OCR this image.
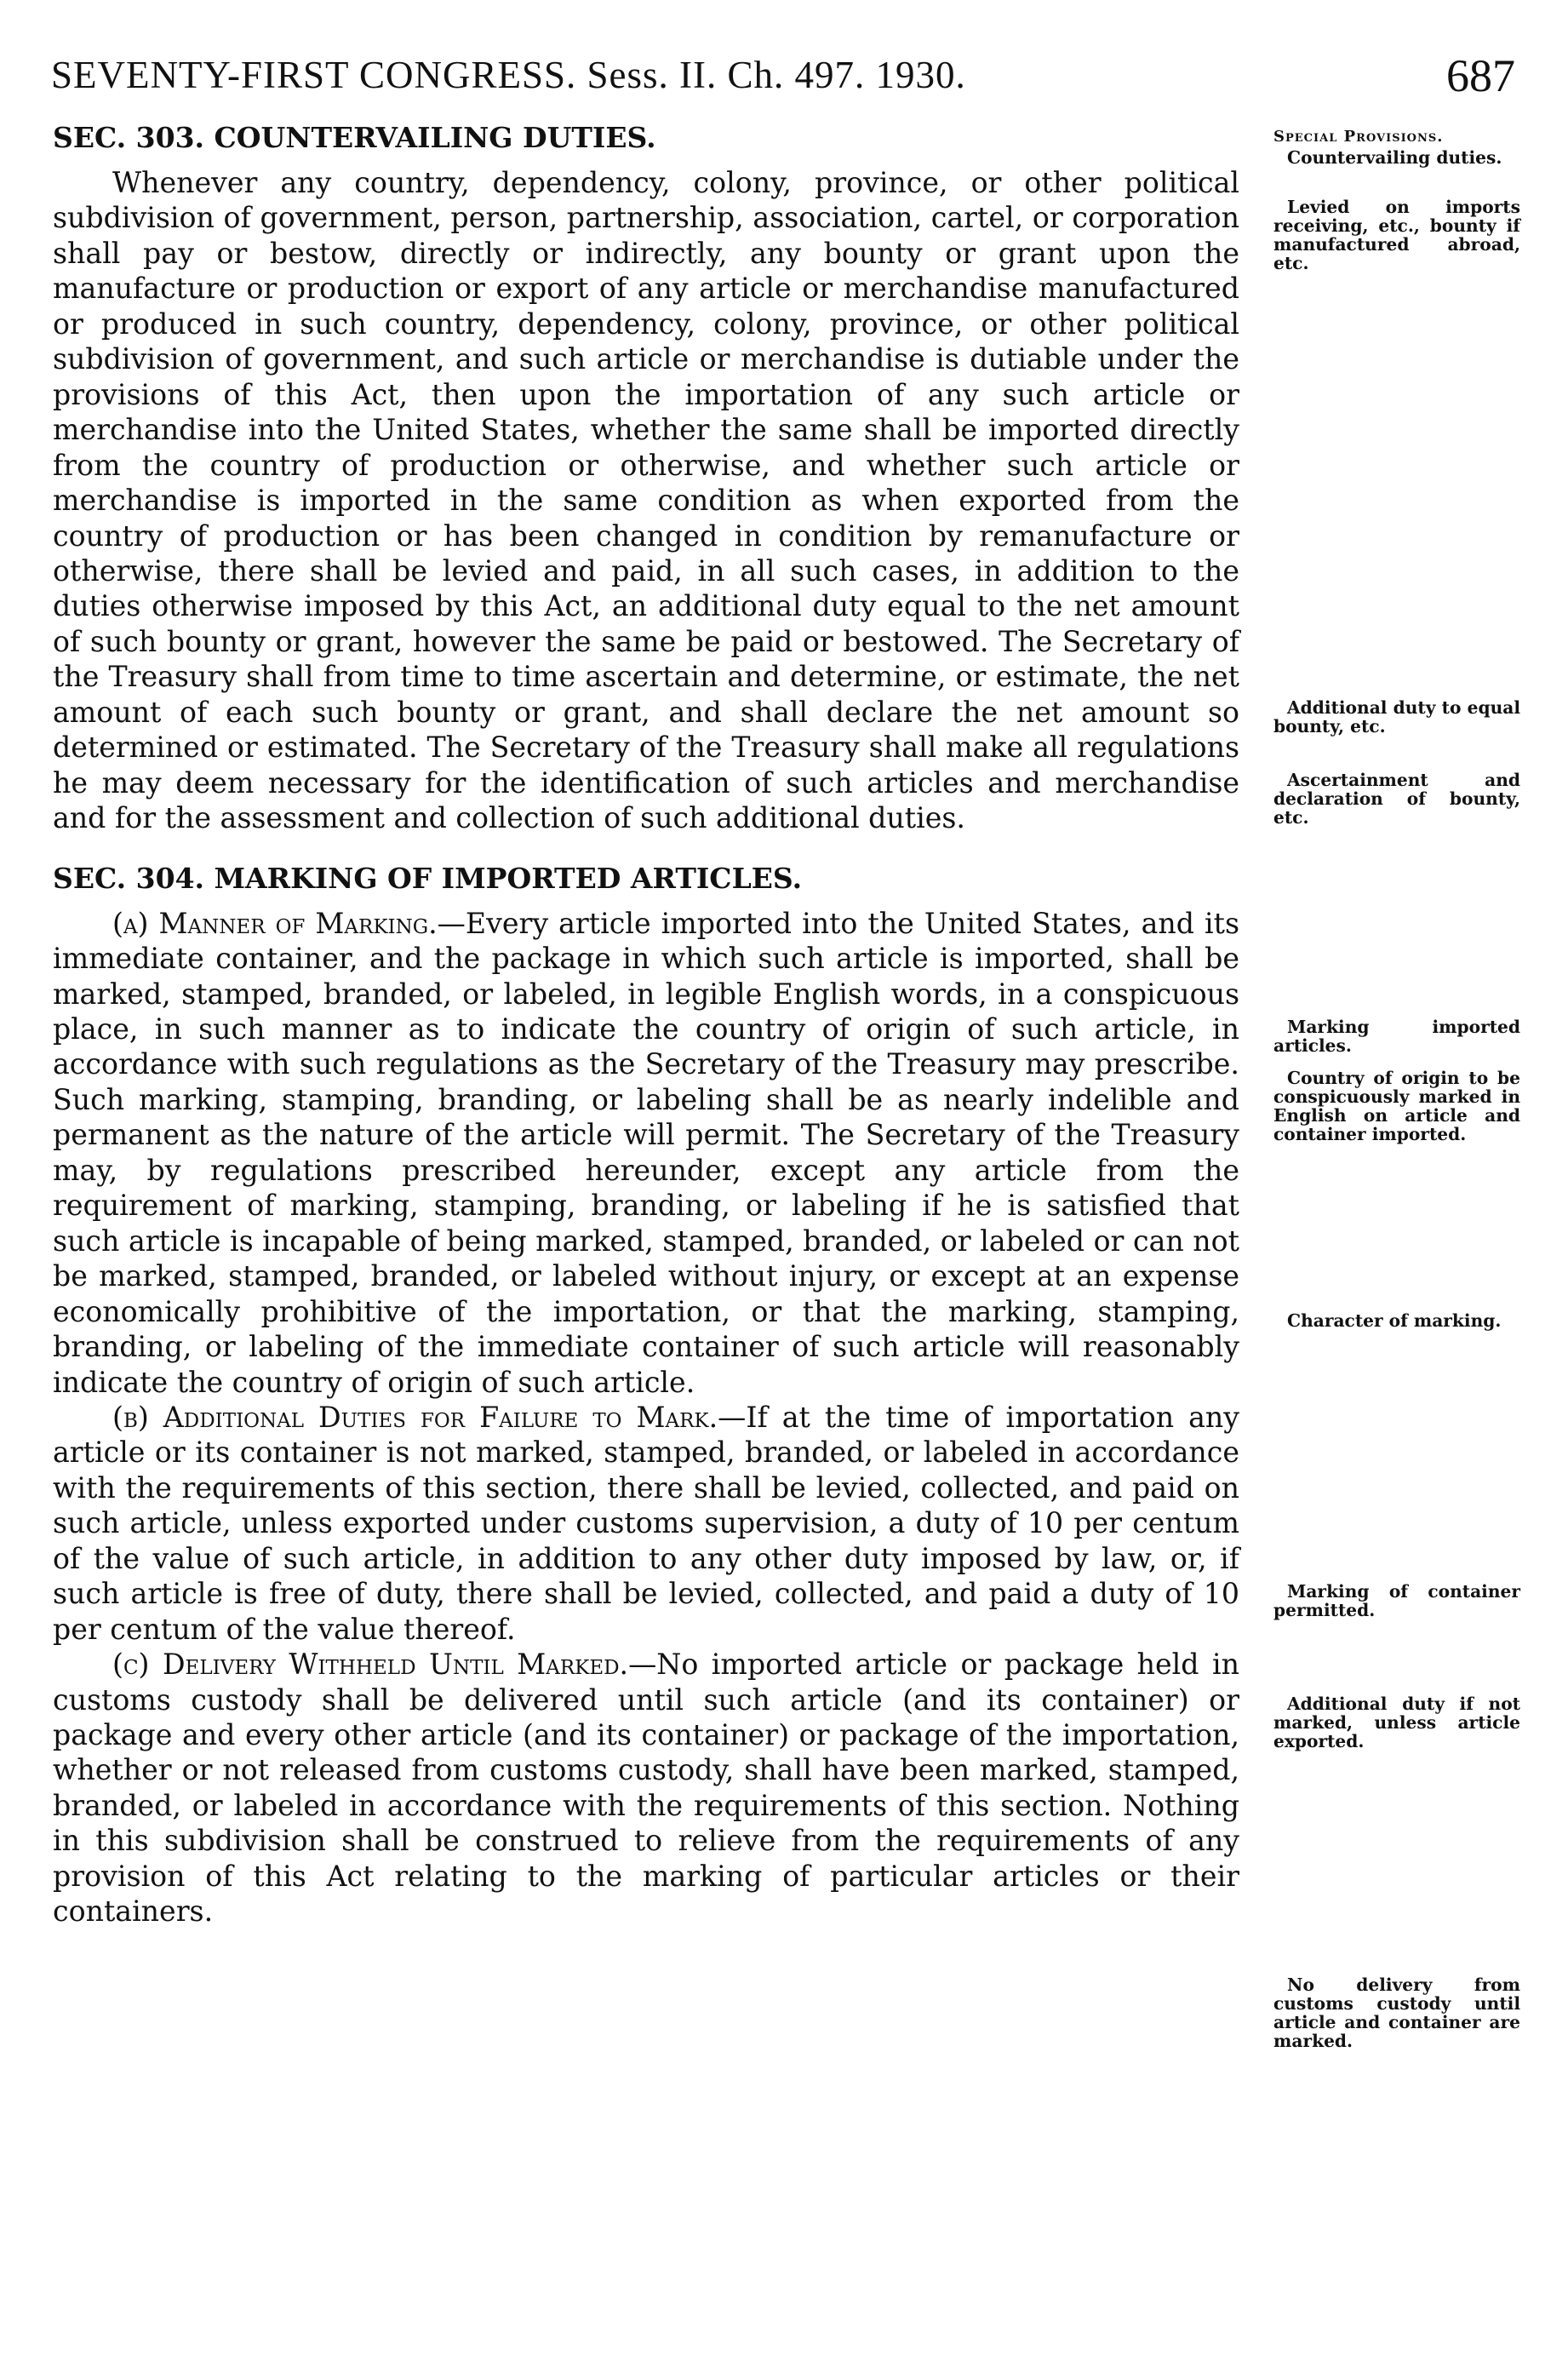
SEVENTY-FIRST CONGRESS. Sess. II. Ch. 497. 1930.	687
SEC. 303. COUNTERVAILING DUTIES.

Whenever any country, dependency, colony, province, or other political subdivision of government, person, partnership, association, cartel, or corporation shall pay or bestow, directly or indirectly, any bounty or grant upon the manufacture or production or export of any article or merchandise manufactured or produced in such country, dependency, colony, province, or other political subdivision of government, and such article or merchandise is dutiable under the provisions of this Act, then upon the importation of any such article or merchandise into the United States, whether the same shall be imported directly from the country of production or otherwise, and whether such article or merchandise is imported in the same condition as when exported from the country of production or has been changed in condition by remanufacture or otherwise, there shall be levied and paid, in all such cases, in addition to the duties otherwise imposed by this Act, an additional duty equal to the net amount of such bounty or grant, however the same be paid or bestowed. The Secretary of the Treasury shall from time to time ascertain and determine, or estimate, the net amount of each such bounty or grant, and shall declare the net amount so determined or estimated. The Secretary of the Treasury shall make all regulations he may deem necessary for the identification of such articles and merchandise and for the assessment and collection of such additional duties.

SEC. 304. MARKING OF IMPORTED ARTICLES.

(a) Manner of Marking.—Every article imported into the United States, and its immediate container, and the package in which such article is imported, shall be marked, stamped, branded, or labeled, in legible English words, in a conspicuous place, in such manner as to indicate the country of origin of such article, in accordance with such regulations as the Secretary of the Treasury may prescribe. Such marking, stamping, branding, or labeling shall be as nearly indelible and permanent as the nature of the article will permit. The Secretary of the Treasury may, by regulations prescribed hereunder, except any article from the requirement of marking, stamping, branding, or labeling if he is satisfied that such article is incapable of being marked, stamped, branded, or labeled or can not be marked, stamped, branded, or labeled without injury, or except at an expense economically prohibitive of the importation, or that the marking, stamping, branding, or labeling of the immediate container of such article will reasonably indicate the country of origin of such article.

(b) Additional Duties for Failure to Mark.—If at the time of importation any article or its container is not marked, stamped, branded, or labeled in accordance with the requirements of this section, there shall be levied, collected, and paid on such article, unless exported under customs supervision, a duty of 10 per centum of the value of such article, in addition to any other duty imposed by law, or, if such article is free of duty, there shall be levied, collected, and paid a duty of 10 per centum of the value thereof.

(c) Delivery Withheld Until Marked.—No imported article or package held in customs custody shall be delivered until such article (and its container) or package and every other article (and its container) or package of the importation, whether or not released from customs custody, shall have been marked, stamped, branded, or labeled in accordance with the requirements of this section. Nothing in this subdivision shall be construed to relieve from the requirements of any provision of this Act relating to the marking of particular articles or their containers.

Special Provisions.

Countervailing duties.

Levied on imports receiving, etc., bounty if manufactured abroad, etc.

Additional duty to equal bounty, etc.

Ascertainment and declaration of bounty, etc.

Marking imported articles.

Country of origin to be conspicuously marked in English on article and container imported.

Character of marking.

Marking of container permitted.

Additional duty if not marked, unless article exported.

No delivery from customs custody until article and container are marked.
